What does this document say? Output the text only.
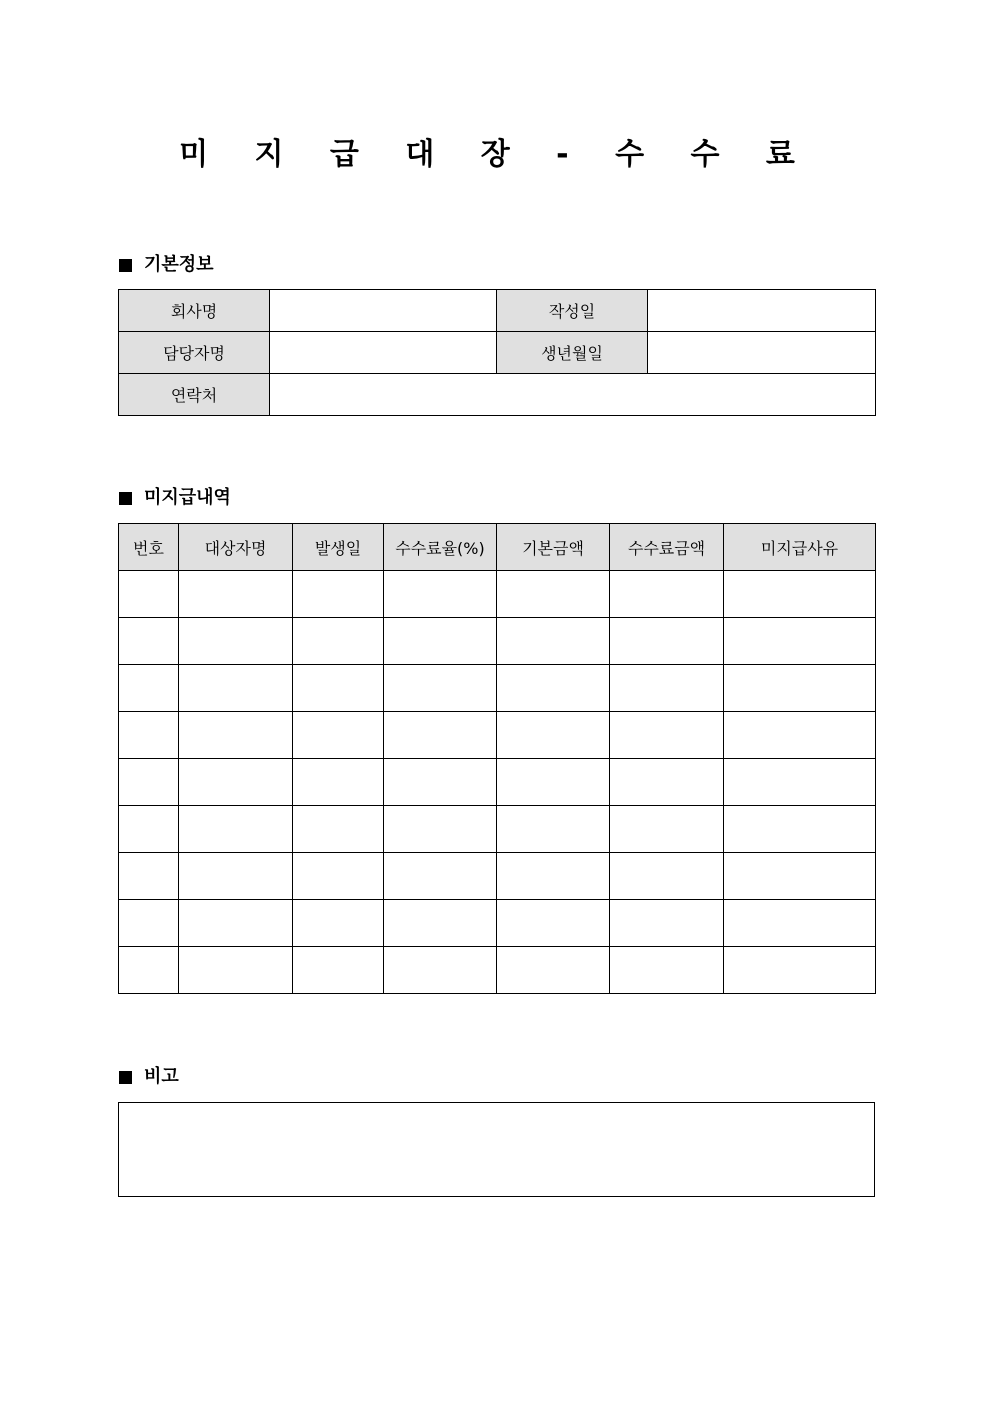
미 지 급 대 장 - 수 수 료
기본정보
회사명		작성일	
담당자명		생년월일	
연락처			
미지급내역
번호	대상자명	발생일	수수료율(%)	기본금액	수수료금액	미지급사유

비고
